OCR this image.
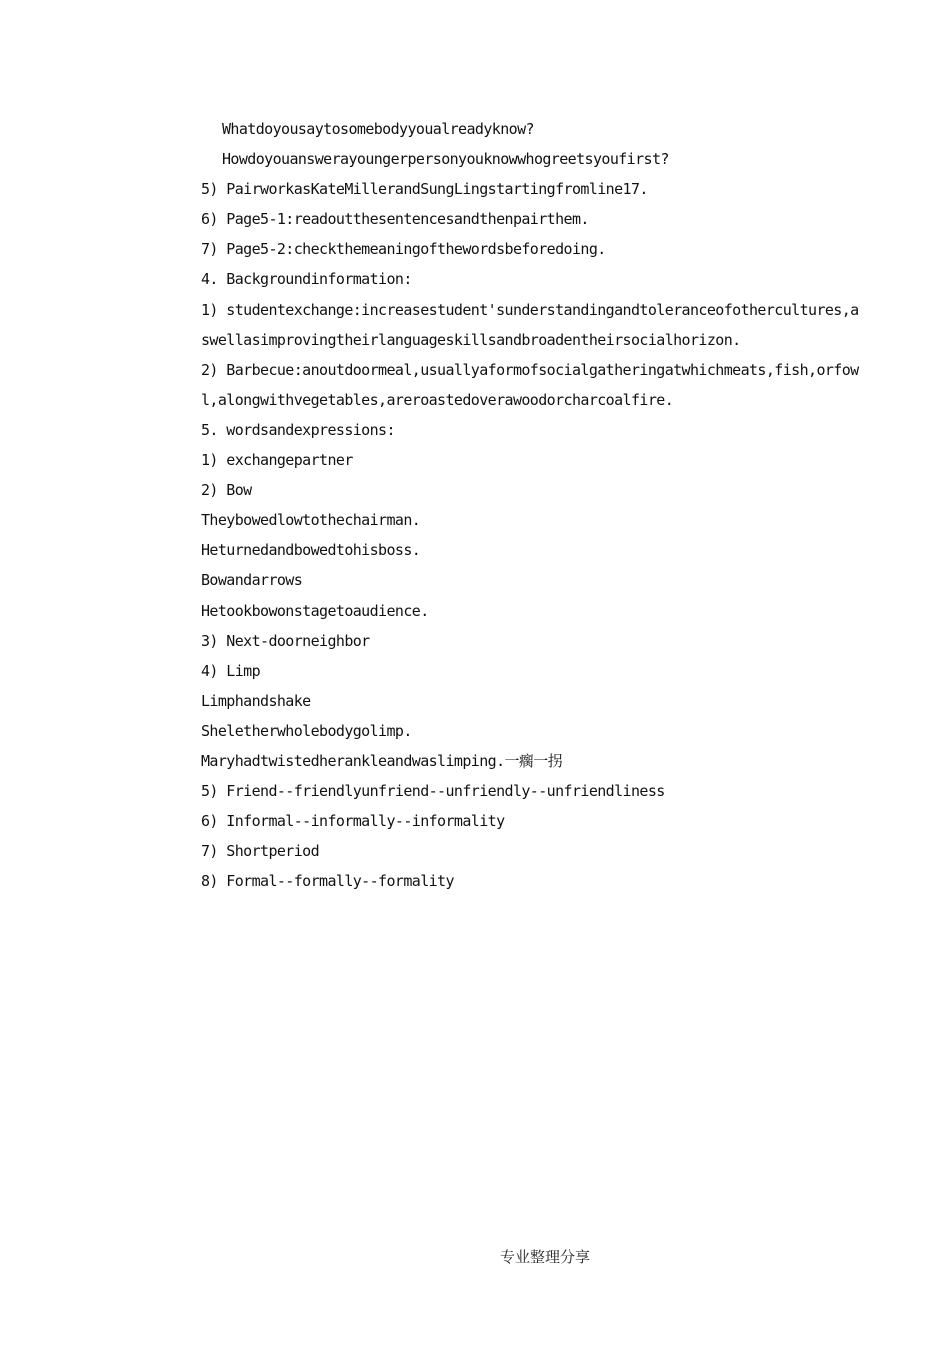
Whatdoyousaytosomebodyyoualreadyknow?
Howdoyouanswerayoungerpersonyouknowwhogreetsyoufirst?
5) PairworkasKateMillerandSungLingstartingfromline17.
6) Page5-1:readoutthesentencesandthenpairthem.
7) Page5-2:checkthemeaningofthewordsbeforedoing.
4. Backgroundinformation:
1) studentexchange:increasestudent'sunderstandingandtoleranceofothercultures,a
swellasimprovingtheirlanguageskillsandbroadentheirsocialhorizon.
2) Barbecue:anoutdoormeal,usuallyaformofsocialgatheringatwhichmeats,fish,orfow
l,alongwithvegetables,areroastedoverawoodorcharcoalfire.
5. wordsandexpressions:
1) exchangepartner
2) Bow
Theybowedlowtothechairman.
Heturnedandbowedtohisboss.
Bowandarrows
Hetookbowonstagetoaudience.
3) Next-doorneighbor
4) Limp
Limphandshake
Sheletherwholebodygolimp.
Maryhadtwistedherankleandwaslimping.一瘸一拐
5) Friend--friendlyunfriend--unfriendly--unfriendliness
6) Informal--informally--informality
7) Shortperiod
8) Formal--formally--formality
专业整理分享
